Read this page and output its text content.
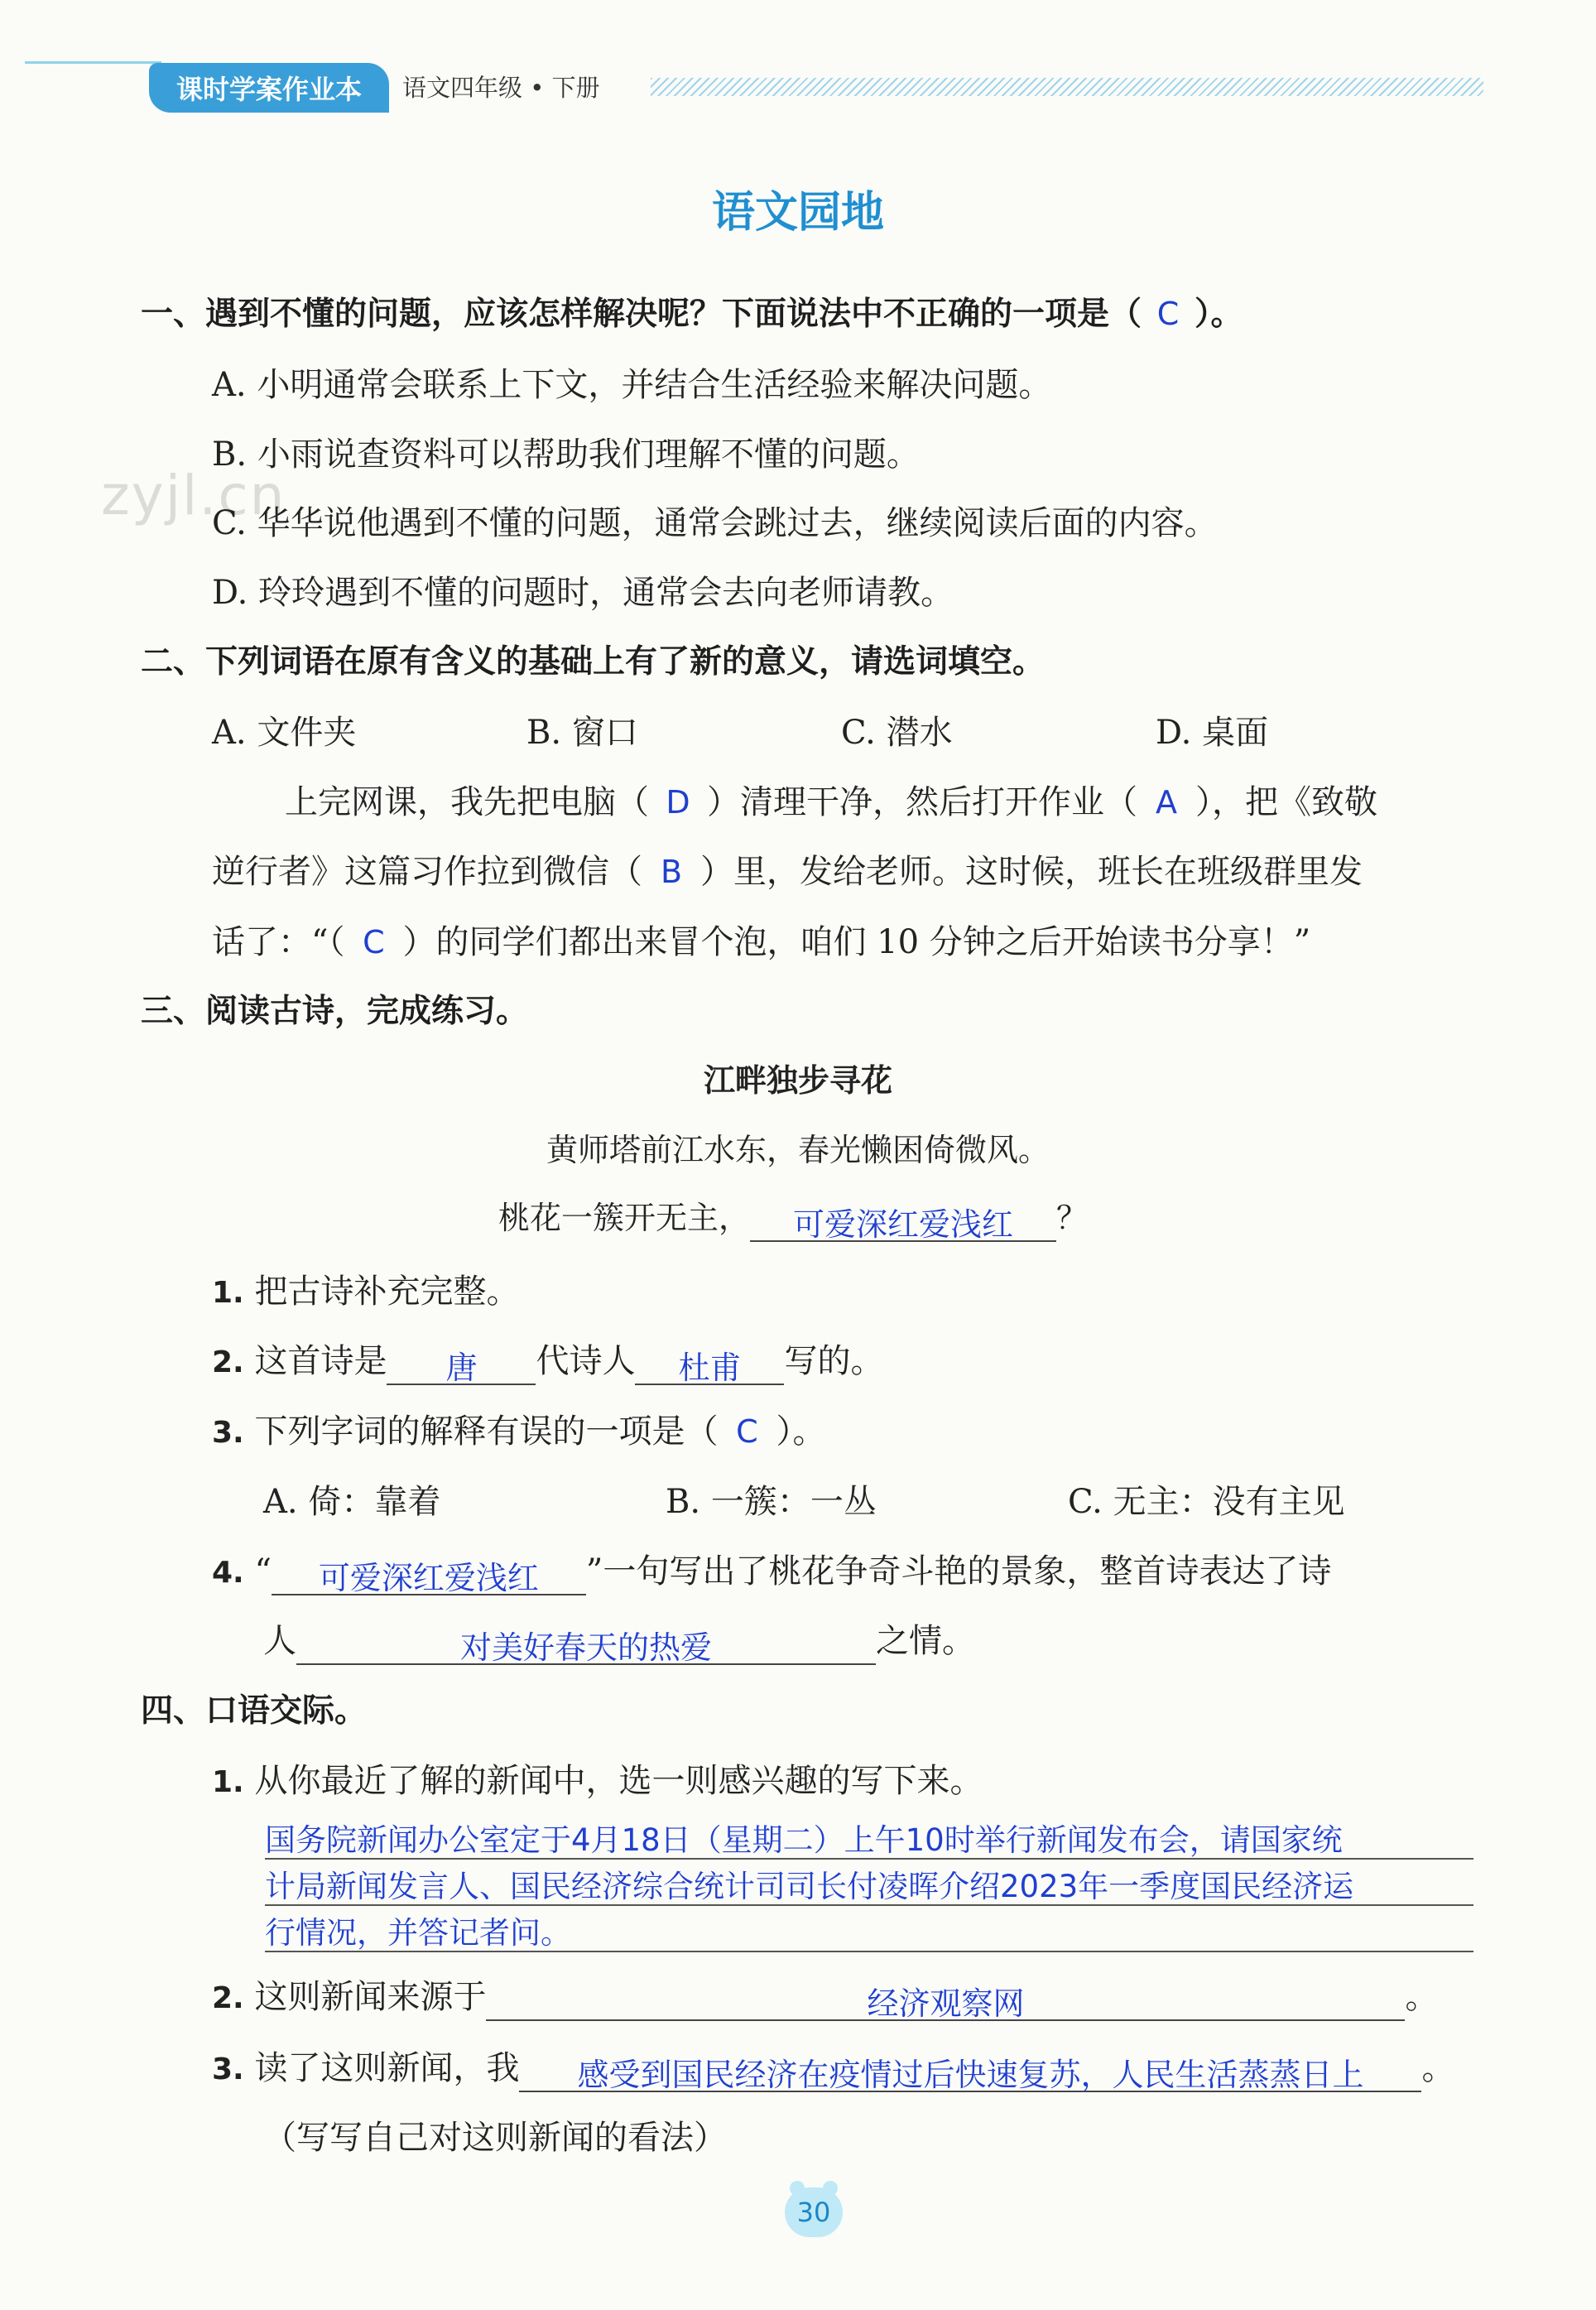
课时学案作业本 语文四年级 • 下册
zyjl.cn
语文园地
一、遇到不懂的问题，应该怎样解决呢？下面说法中不正确的一项是（ C ）。
A. 小明通常会联系上下文，并结合生活经验来解决问题。
B. 小雨说查资料可以帮助我们理解不懂的问题。
C. 华华说他遇到不懂的问题，通常会跳过去，继续阅读后面的内容。
D. 玲玲遇到不懂的问题时，通常会去向老师请教。
二、下列词语在原有含义的基础上有了新的意义，请选词填空。
A. 文件夹	B. 窗口	C. 潜水	D. 桌面
上完网课，我先把电脑（ D ）清理干净，然后打开作业（ A ），把《致敬
逆行者》这篇习作拉到微信（ B ）里，发给老师。这时候，班长在班级群里发
话了：“（ C ）的同学们都出来冒个泡，咱们 10 分钟之后开始读书分享！”
三、阅读古诗，完成练习。
江畔独步寻花
黄师塔前江水东，春光懒困倚微风。
桃花一簇开无主， 可爱深红爱浅红 ？
1. 把古诗补充完整。
2. 这首诗是 唐 代诗人 杜甫 写的。
3. 下列字词的解释有误的一项是（ C ）。
A. 倚：靠着	B. 一簇：一丛	C. 无主：没有主见
4. “ 可爱深红爱浅红 ”一句写出了桃花争奇斗艳的景象，整首诗表达了诗
人	对美好春天的热爱	之情。
四、口语交际。
1. 从你最近了解的新闻中，选一则感兴趣的写下来。
国务院新闻办公室定于4月18日（星期二）上午10时举行新闻发布会，请国家统
计局新闻发言人、国民经济综合统计司司长付凌晖介绍2023年一季度国民经济运
行情况，并答记者问。
2. 这则新闻来源于	经济观察网	。
3. 读了这则新闻，我 感受到国民经济在疫情过后快速复苏，人民生活蒸蒸日上 。
（写写自己对这则新闻的看法）
30
